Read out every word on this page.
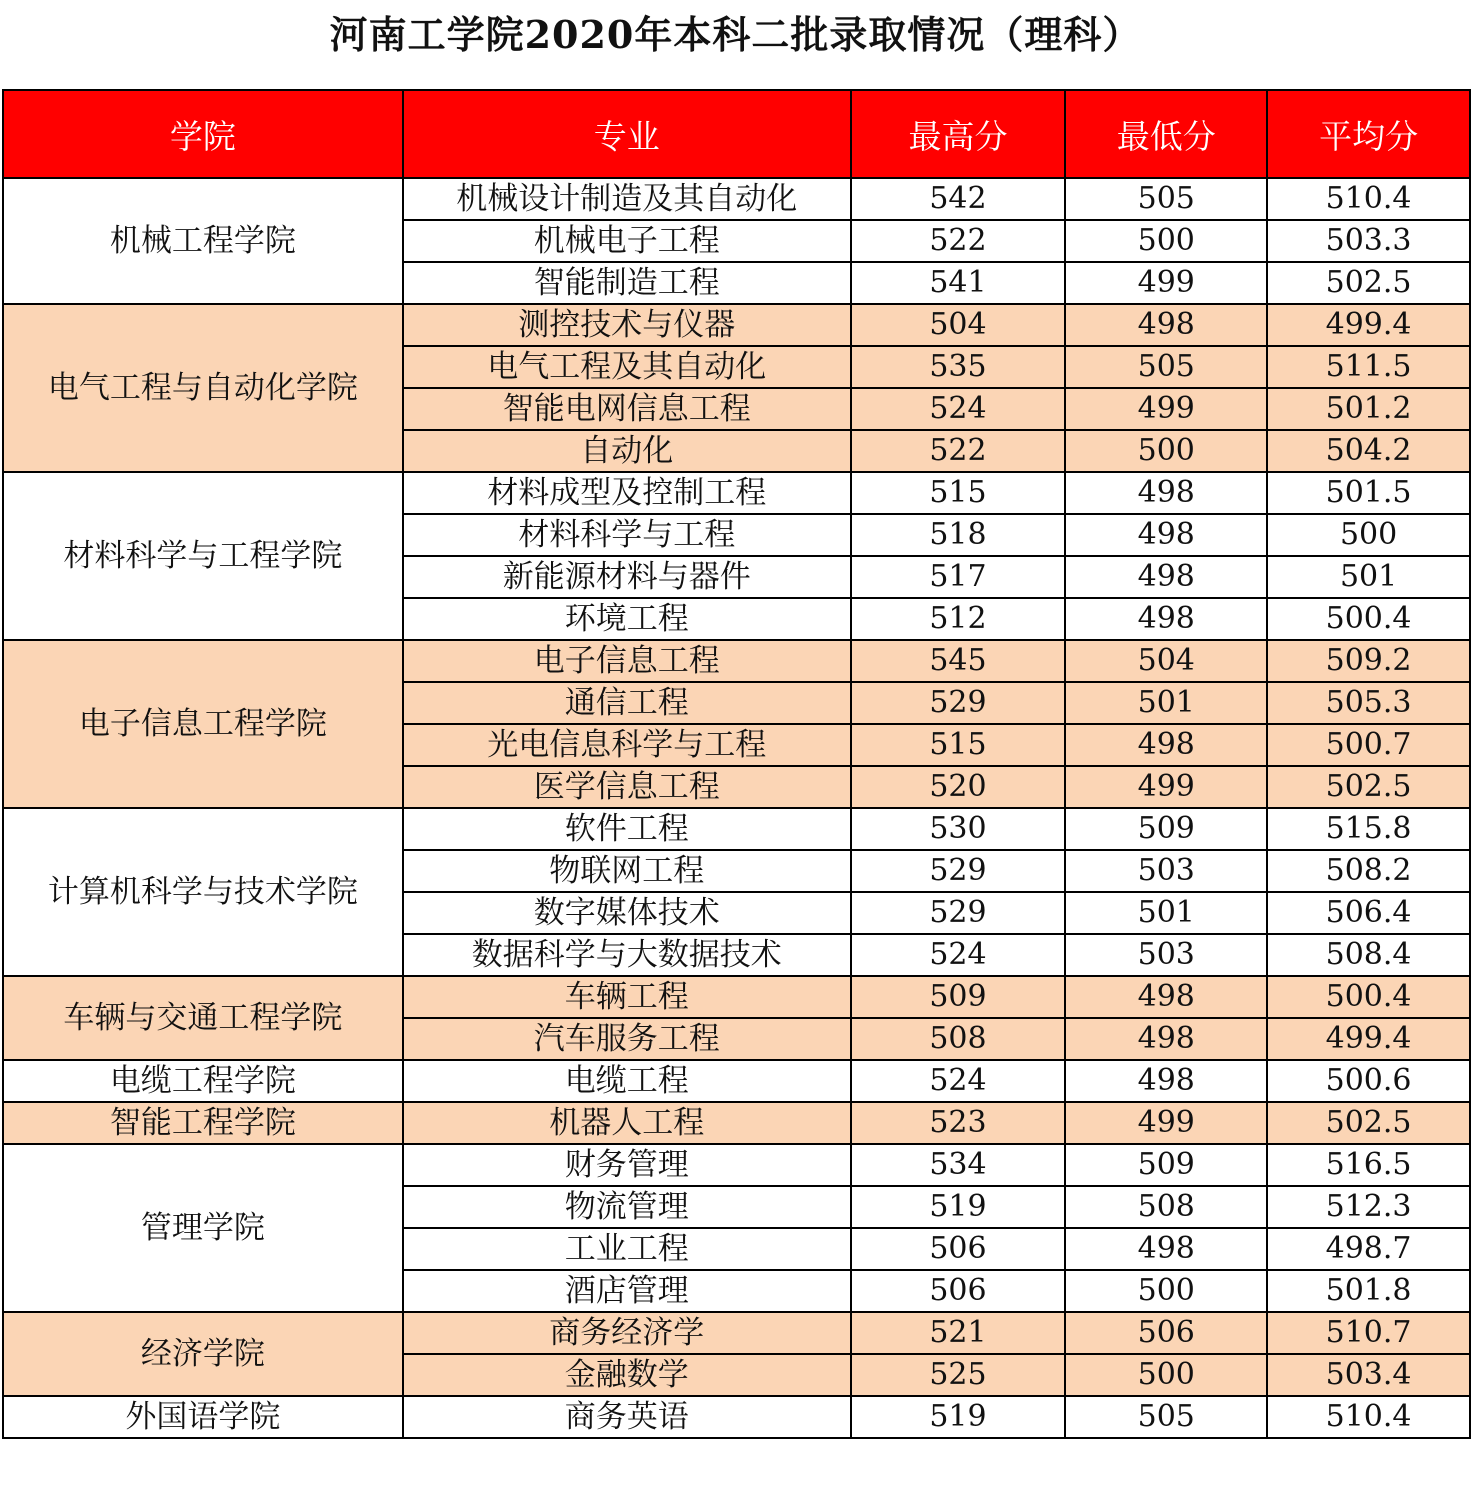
河南工学院2020年本科二批录取情况（理科）
学院	专业	最高分	最低分	平均分
机械工程学院	机械设计制造及其自动化	542	505	510.4
	机械电子工程	522	500	503.3
	智能制造工程	541	499	502.5
电气工程与自动化学院	测控技术与仪器	504	498	499.4
	电气工程及其自动化	535	505	511.5
	智能电网信息工程	524	499	501.2
	自动化	522	500	504.2
材料科学与工程学院	材料成型及控制工程	515	498	501.5
	材料科学与工程	518	498	500
	新能源材料与器件	517	498	501
	环境工程	512	498	500.4
电子信息工程学院	电子信息工程	545	504	509.2
	通信工程	529	501	505.3
	光电信息科学与工程	515	498	500.7
	医学信息工程	520	499	502.5
计算机科学与技术学院	软件工程	530	509	515.8
	物联网工程	529	503	508.2
	数字媒体技术	529	501	506.4
	数据科学与大数据技术	524	503	508.4
车辆与交通工程学院	车辆工程	509	498	500.4
	汽车服务工程	508	498	499.4
电缆工程学院	电缆工程	524	498	500.6
智能工程学院	机器人工程	523	499	502.5
管理学院	财务管理	534	509	516.5
	物流管理	519	508	512.3
	工业工程	506	498	498.7
	酒店管理	506	500	501.8
经济学院	商务经济学	521	506	510.7
	金融数学	525	500	503.4
外国语学院	商务英语	519	505	510.4
